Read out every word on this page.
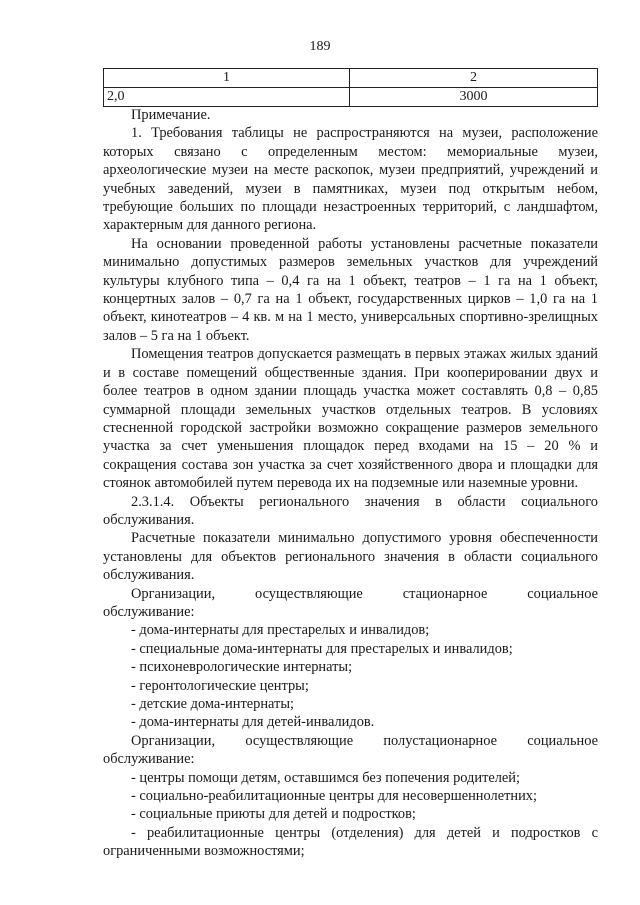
189
1	2
2,0	3000

Примечание.

1. Требования таблицы не распространяются на музеи, расположение которых связано с определенным местом: мемориальные музеи, археологические музеи на месте раскопок, музеи предприятий, учреждений и учебных заведений, музеи в памятниках, музеи под открытым небом, требующие больших по площади незастроенных территорий, с ландшафтом, характерным для данного региона.

На основании проведенной работы установлены расчетные показатели минимально допустимых размеров земельных участков для учреждений культуры клубного типа – 0,4 га на 1 объект, театров – 1 га на 1 объект, концертных залов – 0,7 га на 1 объект, государственных цирков – 1,0 га на 1 объект, кинотеатров – 4 кв. м на 1 место, универсальных спортивно-зрелищных залов – 5 га на 1 объект.

Помещения театров допускается размещать в первых этажах жилых зданий и в составе помещений общественные здания. При кооперировании двух и более театров в одном здании площадь участка может составлять 0,8 – 0,85 суммарной площади земельных участков отдельных театров. В условиях стесненной городской застройки возможно сокращение размеров земельного участка за счет уменьшения площадок перед входами на 15 – 20 % и сокращения состава зон участка за счет хозяйственного двора и площадки для стоянок автомобилей путем перевода их на подземные или наземные уровни.

2.3.1.4. Объекты регионального значения в области социального обслуживания.

Расчетные показатели минимально допустимого уровня обеспеченности установлены для объектов регионального значения в области социального обслуживания.

Организации,	осуществляющие	стационарное	социальное

обслуживание:

- дома-интернаты для престарелых и инвалидов;

- специальные дома-интернаты для престарелых и инвалидов;

- психоневрологические интернаты;

- геронтологические центры;

- детские дома-интернаты;

- дома-интернаты для детей-инвалидов.

Организации, осуществляющие полустационарное социальное

обслуживание:

- центры помощи детям, оставшимся без попечения родителей;

- социально-реабилитационные центры для несовершеннолетних;

- социальные приюты для детей и подростков;

- реабилитационные центры (отделения) для детей и подростков с ограниченными возможностями;
